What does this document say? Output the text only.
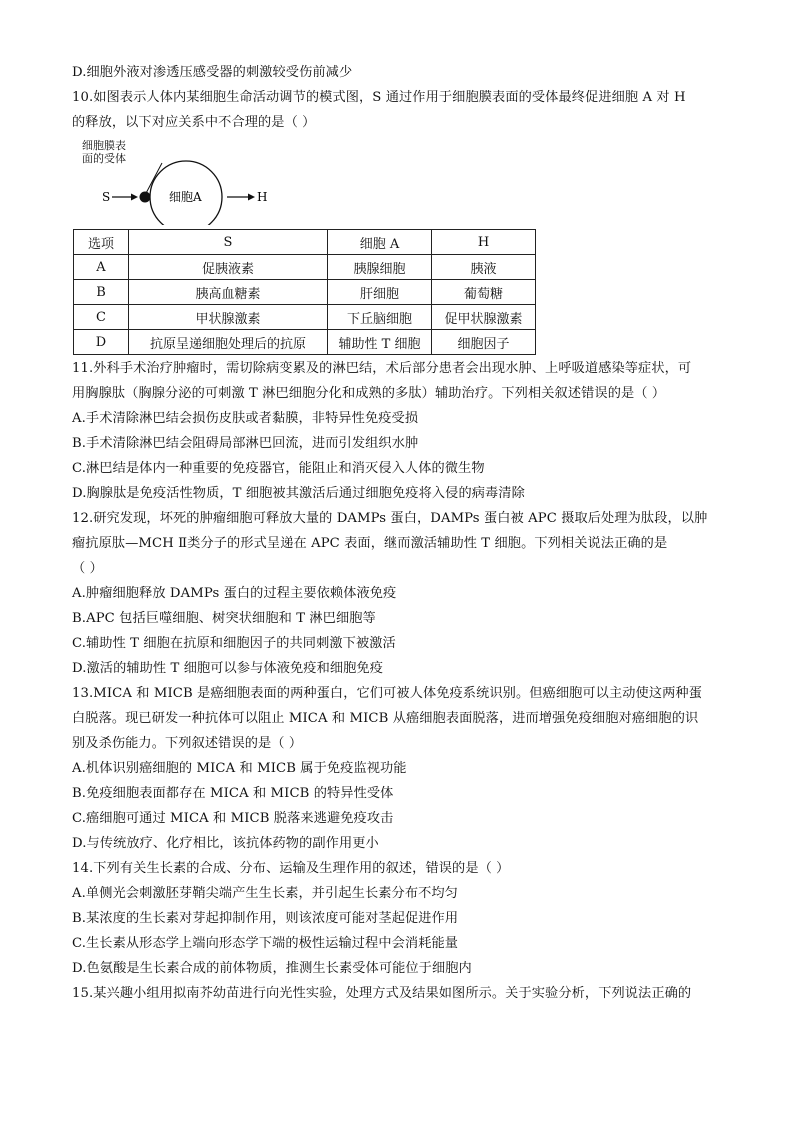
D.细胞外液对渗透压感受器的刺激较受伤前减少
10.如图表示人体内某细胞生命活动调节的模式图，S 通过作用于细胞膜表面的受体最终促进细胞 A 对 H
的释放，以下对应关系中不合理的是（ ）
S	细胞A	H
细胞膜表
面的受体
选项	S	细胞 A	H
A	促胰液素	胰腺细胞	胰液
B	胰高血糖素	肝细胞	葡萄糖
C	甲状腺激素	下丘脑细胞	促甲状腺激素
D	抗原呈递细胞处理后的抗原	辅助性 T 细胞	细胞因子
11.外科手术治疗肿瘤时，需切除病变累及的淋巴结，术后部分患者会出现水肿、上呼吸道感染等症状，可
用胸腺肽（胸腺分泌的可刺激 T 淋巴细胞分化和成熟的多肽）辅助治疗。下列相关叙述错误的是（ ）
A.手术清除淋巴结会损伤皮肤或者黏膜，非特异性免疫受损
B.手术清除淋巴结会阻碍局部淋巴回流，进而引发组织水肿
C.淋巴结是体内一种重要的免疫器官，能阻止和消灭侵入人体的微生物
D.胸腺肽是免疫活性物质，T 细胞被其激活后通过细胞免疫将入侵的病毒清除
12.研究发现，坏死的肿瘤细胞可释放大量的 DAMPs 蛋白，DAMPs 蛋白被 APC 摄取后处理为肽段，以肿
瘤抗原肽—MCH Ⅱ类分子的形式呈递在 APC 表面，继而激活辅助性 T 细胞。下列相关说法正确的是
（ ）
A.肿瘤细胞释放 DAMPs 蛋白的过程主要依赖体液免疫
B.APC 包括巨噬细胞、树突状细胞和 T 淋巴细胞等
C.辅助性 T 细胞在抗原和细胞因子的共同刺激下被激活
D.激活的辅助性 T 细胞可以参与体液免疫和细胞免疫
13.MICA 和 MICB 是癌细胞表面的两种蛋白，它们可被人体免疫系统识别。但癌细胞可以主动使这两种蛋
白脱落。现已研发一种抗体可以阻止 MICA 和 MICB 从癌细胞表面脱落，进而增强免疫细胞对癌细胞的识
别及杀伤能力。下列叙述错误的是（ ）
A.机体识别癌细胞的 MICA 和 MICB 属于免疫监视功能
B.免疫细胞表面都存在 MICA 和 MICB 的特异性受体
C.癌细胞可通过 MICA 和 MICB 脱落来逃避免疫攻击
D.与传统放疗、化疗相比，该抗体药物的副作用更小
14.下列有关生长素的合成、分布、运输及生理作用的叙述，错误的是（ ）
A.单侧光会刺激胚芽鞘尖端产生生长素，并引起生长素分布不均匀
B.某浓度的生长素对芽起抑制作用，则该浓度可能对茎起促进作用
C.生长素从形态学上端向形态学下端的极性运输过程中会消耗能量
D.色氨酸是生长素合成的前体物质，推测生长素受体可能位于细胞内
15.某兴趣小组用拟南芥幼苗进行向光性实验，处理方式及结果如图所示。关于实验分析，下列说法正确的
